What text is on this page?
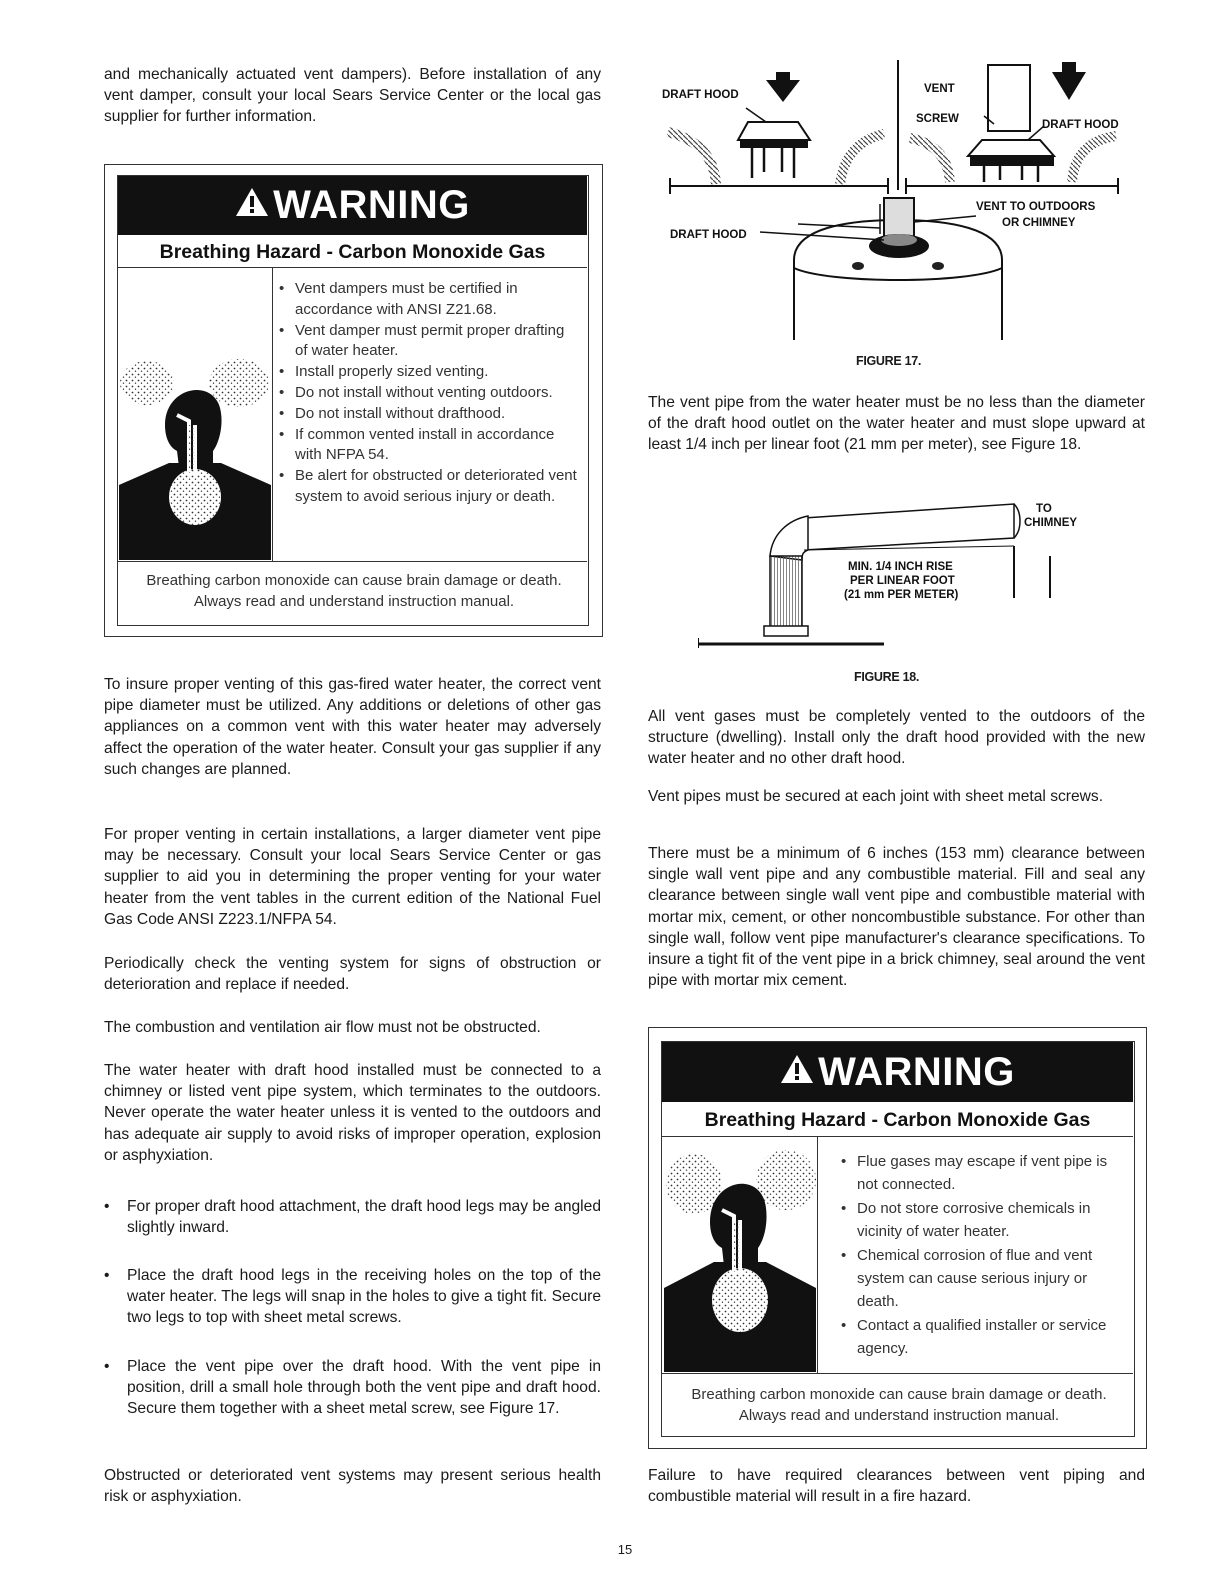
and mechanically actuated vent dampers). Before installation of any vent damper, consult your local Sears Service Center or the local gas supplier for further information.

WARNING
Breathing Hazard - Carbon Monoxide Gas
• Vent dampers must be certified in accordance with ANSI Z21.68.
• Vent damper must permit proper drafting of water heater.
• Install properly sized venting.
• Do not install without venting outdoors.
• Do not install without drafthood.
• If common vented install in accordance with NFPA 54.
• Be alert for obstructed or deteriorated vent system to avoid serious injury or death.
Breathing carbon monoxide can cause brain damage or death. Always read and understand instruction manual.

To insure proper venting of this gas-fired water heater, the correct vent pipe diameter must be utilized. Any additions or deletions of other gas appliances on a common vent with this water heater may adversely affect the operation of the water heater. Consult your gas supplier if any such changes are planned.

For proper venting in certain installations, a larger diameter vent pipe may be necessary. Consult your local Sears Service Center or gas supplier to aid you in determining the proper venting for your water heater from the vent tables in the current edition of the National Fuel Gas Code ANSI Z223.1/NFPA 54.

Periodically check the venting system for signs of obstruction or deterioration and replace if needed.

The combustion and ventilation air flow must not be obstructed.

The water heater with draft hood installed must be connected to a chimney or listed vent pipe system, which terminates to the outdoors. Never operate the water heater unless it is vented to the outdoors and has adequate air supply to avoid risks of improper operation, explosion or asphyxiation.

• For proper draft hood attachment, the draft hood legs may be angled slightly inward.
• Place the draft hood legs in the receiving holes on the top of the water heater. The legs will snap in the holes to give a tight fit. Secure two legs to top with sheet metal screws.
• Place the vent pipe over the draft hood. With the vent pipe in position, drill a small hole through both the vent pipe and draft hood. Secure them together with a sheet metal screw, see Figure 17.

Obstructed or deteriorated vent systems may present serious health risk or asphyxiation.

DRAFT HOOD	VENT
SCREW	DRAFT HOOD
VENT TO OUTDOORS
OR CHIMNEY
DRAFT HOOD
FIGURE 17.

The vent pipe from the water heater must be no less than the diameter of the draft hood outlet on the water heater and must slope upward at least 1/4 inch per linear foot (21 mm per meter), see Figure 18.

TO
CHIMNEY
MIN. 1/4 INCH RISE
PER LINEAR FOOT
(21 mm PER METER)
FIGURE 18.

All vent gases must be completely vented to the outdoors of the structure (dwelling). Install only the draft hood provided with the new water heater and no other draft hood.

Vent pipes must be secured at each joint with sheet metal screws.

There must be a minimum of 6 inches (153 mm) clearance between single wall vent pipe and any combustible material. Fill and seal any clearance between single wall vent pipe and combustible material with mortar mix, cement, or other noncombustible substance. For other than single wall, follow vent pipe manufacturer's clearance specifications. To insure a tight fit of the vent pipe in a brick chimney, seal around the vent pipe with mortar mix cement.

WARNING
Breathing Hazard - Carbon Monoxide Gas
• Flue gases may escape if vent pipe is not connected.
• Do not store corrosive chemicals in vicinity of water heater.
• Chemical corrosion of flue and vent system can cause serious injury or death.
• Contact a qualified installer or service agency.
Breathing carbon monoxide can cause brain damage or death. Always read and understand instruction manual.

Failure to have required clearances between vent piping and combustible material will result in a fire hazard.

15
